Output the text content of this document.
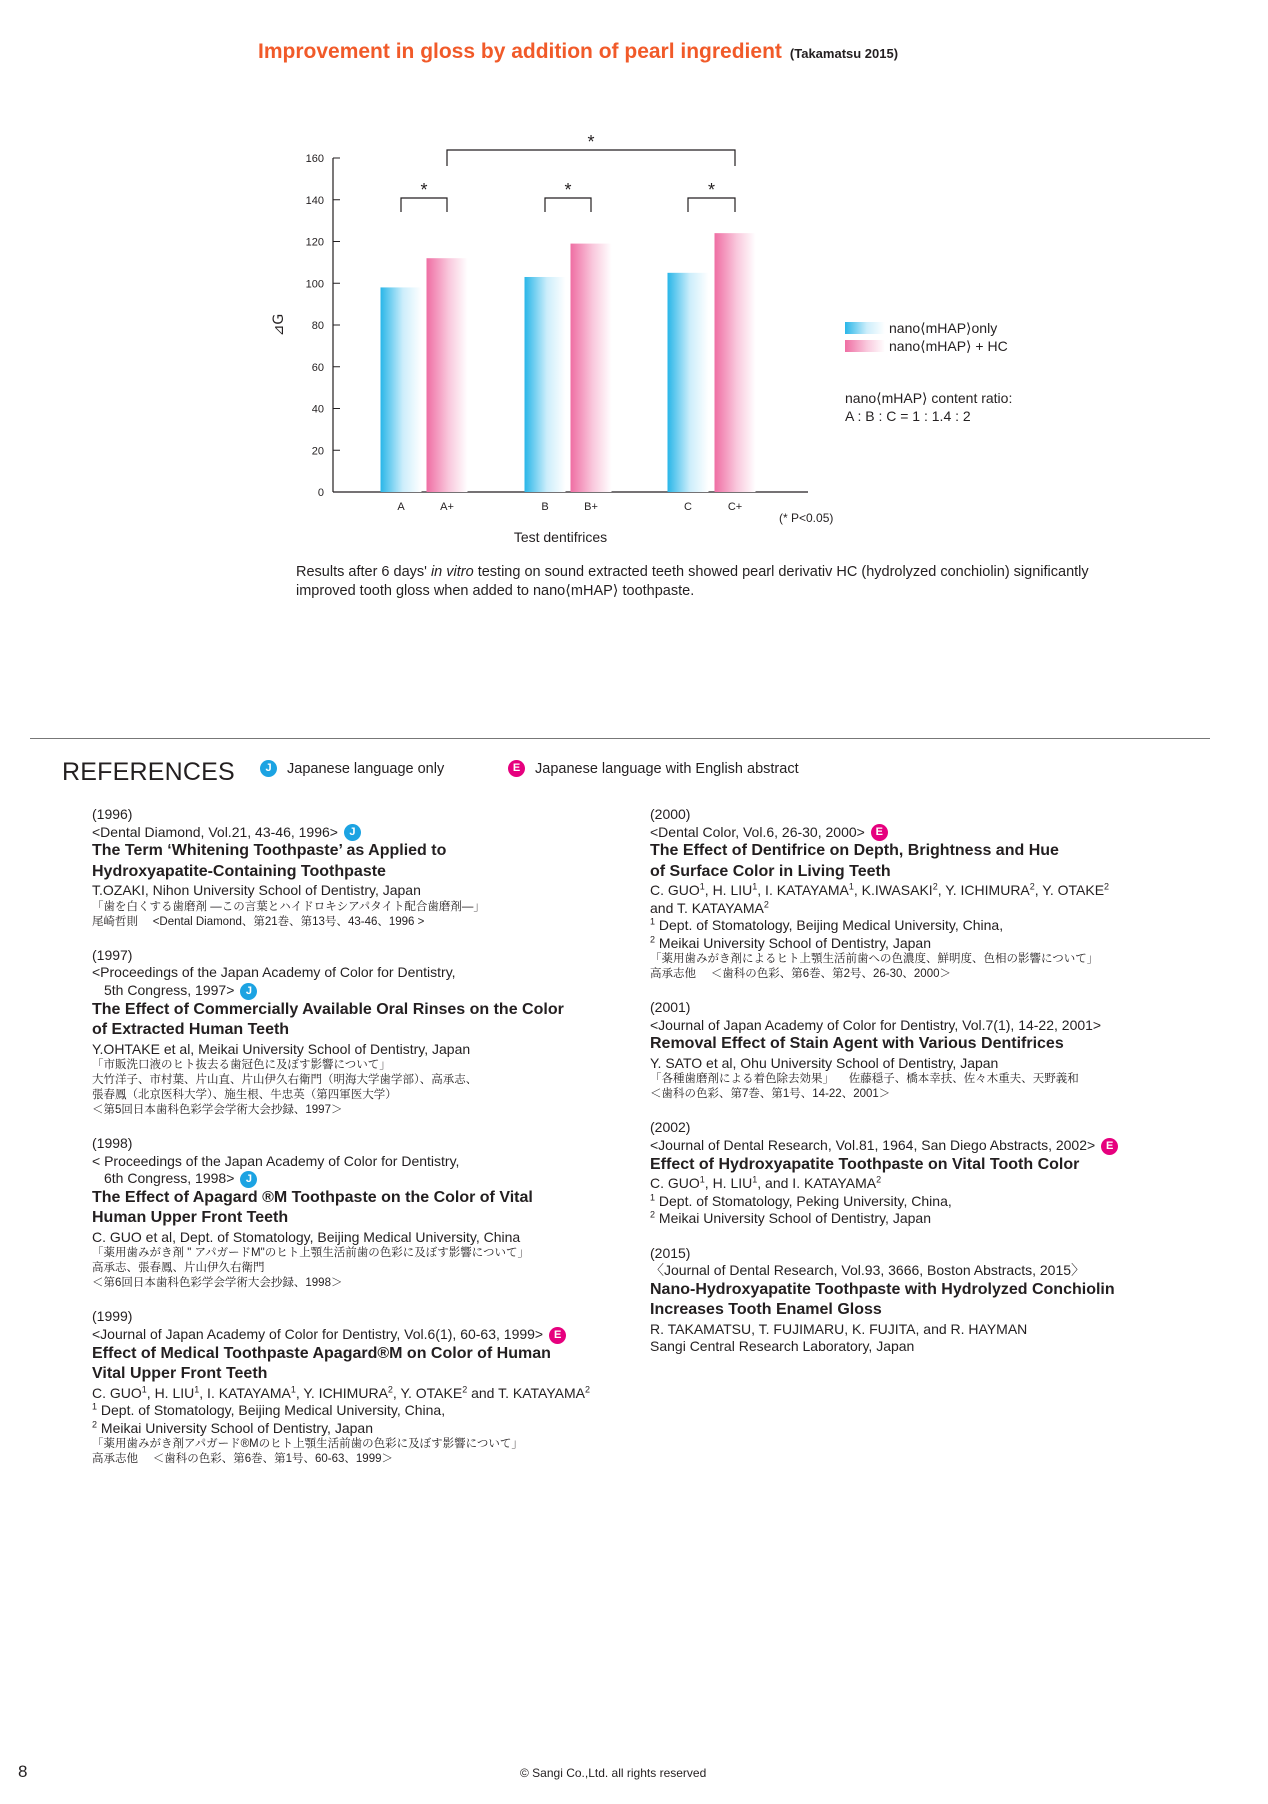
Improvement in gloss by addition of pearl ingredient (Takamatsu 2015)
0
20
40
60
80
100
120
140
160
⊿G
A	A+	B	B+	C	C+
Test dentifrices
(* P<0.05)
*	*	*
*
nano⟨mHAP⟩only
nano⟨mHAP⟩ + HC
nano⟨mHAP⟩ content ratio:
A : B : C = 1 : 1.4 : 2
Results after 6 days' in vitro testing on sound extracted teeth showed pearl derivativ HC (hydrolyzed conchiolin) significantly improved tooth gloss when added to nano⟨mHAP⟩ toothpaste.
REFERENCES	J	Japanese language only	E	Japanese language with English abstract
(1996)
<Dental Diamond, Vol.21, 43-46, 1996> J
The Term ‘Whitening Toothpaste’ as Applied to
Hydroxyapatite-Containing Toothpaste
T.OZAKI, Nihon University School of Dentistry, Japan
「歯を白くする歯磨剤 ―この言葉とハイドロキシアパタイト配合歯磨剤―」
尾崎哲則 　<Dental Diamond、第21巻、第13号、43-46、1996 >
(1997)
<Proceedings of the Japan Academy of Color for Dentistry,
5th Congress, 1997> J
The Effect of Commercially Available Oral Rinses on the Color
of Extracted Human Teeth
Y.OHTAKE et al, Meikai University School of Dentistry, Japan
「市販洗口液のヒト抜去る歯冠色に及ぼす影響について」
大竹洋子、市村葉、片山直、片山伊久右衛門（明海大学歯学部）、高承志、
張春鳳（北京医科大学）、施生根、牛忠英（第四軍医大学）
＜第5回日本歯科色彩学会学術大会抄録、1997＞
(1998)
< Proceedings of the Japan Academy of Color for Dentistry,
6th Congress, 1998> J
The Effect of Apagard ®M Toothpaste on the Color of Vital
Human Upper Front Teeth
C. GUO et al, Dept. of Stomatology, Beijing Medical University, China
「薬用歯みがき剤 " アパガードM"のヒト上顎生活前歯の色彩に及ぼす影響について」
高承志、張春鳳、片山伊久右衛門
＜第6回日本歯科色彩学会学術大会抄録、1998＞
(1999)
<Journal of Japan Academy of Color for Dentistry, Vol.6(1), 60-63, 1999> E
Effect of Medical Toothpaste Apagard®M on Color of Human
Vital Upper Front Teeth
C. GUO$^1$, H. LIU$^1$, I. KATAYAMA$^1$, Y. ICHIMURA$^2$, Y. OTAKE$^2$ and T. KATAYAMA$^2$
$^1$ Dept. of Stomatology, Beijing Medical University, China,
$^2$ Meikai University School of Dentistry, Japan
「薬用歯みがき剤アパガード®Mのヒト上顎生活前歯の色彩に及ぼす影響について」
高承志他 　＜歯科の色彩、第6巻、第1号、60-63、1999＞
(2000)
<Dental Color, Vol.6, 26-30, 2000> E
The Effect of Dentifrice on Depth, Brightness and Hue
of Surface Color in Living Teeth
C. GUO$^1$, H. LIU$^1$, I. KATAYAMA$^1$, K.IWASAKI$^2$, Y. ICHIMURA$^2$, Y. OTAKE$^2$
and T. KATAYAMA$^2$
$^1$ Dept. of Stomatology, Beijing Medical University, China,
$^2$ Meikai University School of Dentistry, Japan
「薬用歯みがき剤によるヒト上顎生活前歯への色濃度、鮮明度、色相の影響について」
高承志他 　＜歯科の色彩、第6巻、第2号、26-30、2000＞
(2001)
<Journal of Japan Academy of Color for Dentistry, Vol.7(1), 14-22, 2001>
Removal Effect of Stain Agent with Various Dentifrices
Y. SATO et al, Ohu University School of Dentistry, Japan
「各種歯磨剤による着色除去効果」 　佐藤穏子、橋本幸扶、佐々木重夫、天野義和
＜歯科の色彩、第7巻、第1号、14-22、2001＞
(2002)
<Journal of Dental Research, Vol.81, 1964, San Diego Abstracts, 2002> E
Effect of Hydroxyapatite Toothpaste on Vital Tooth Color
C. GUO$^1$, H. LIU$^1$, and I. KATAYAMA$^2$
$^1$ Dept. of Stomatology, Peking University, China,
$^2$ Meikai University School of Dentistry, Japan
(2015)
〈Journal of Dental Research, Vol.93, 3666, Boston Abstracts, 2015〉
Nano-Hydroxyapatite Toothpaste with Hydrolyzed Conchiolin
Increases Tooth Enamel Gloss
R. TAKAMATSU, T. FUJIMARU, K. FUJITA, and R. HAYMAN
Sangi Central Research Laboratory, Japan
8	© Sangi Co.,Ltd. all rights reserved
